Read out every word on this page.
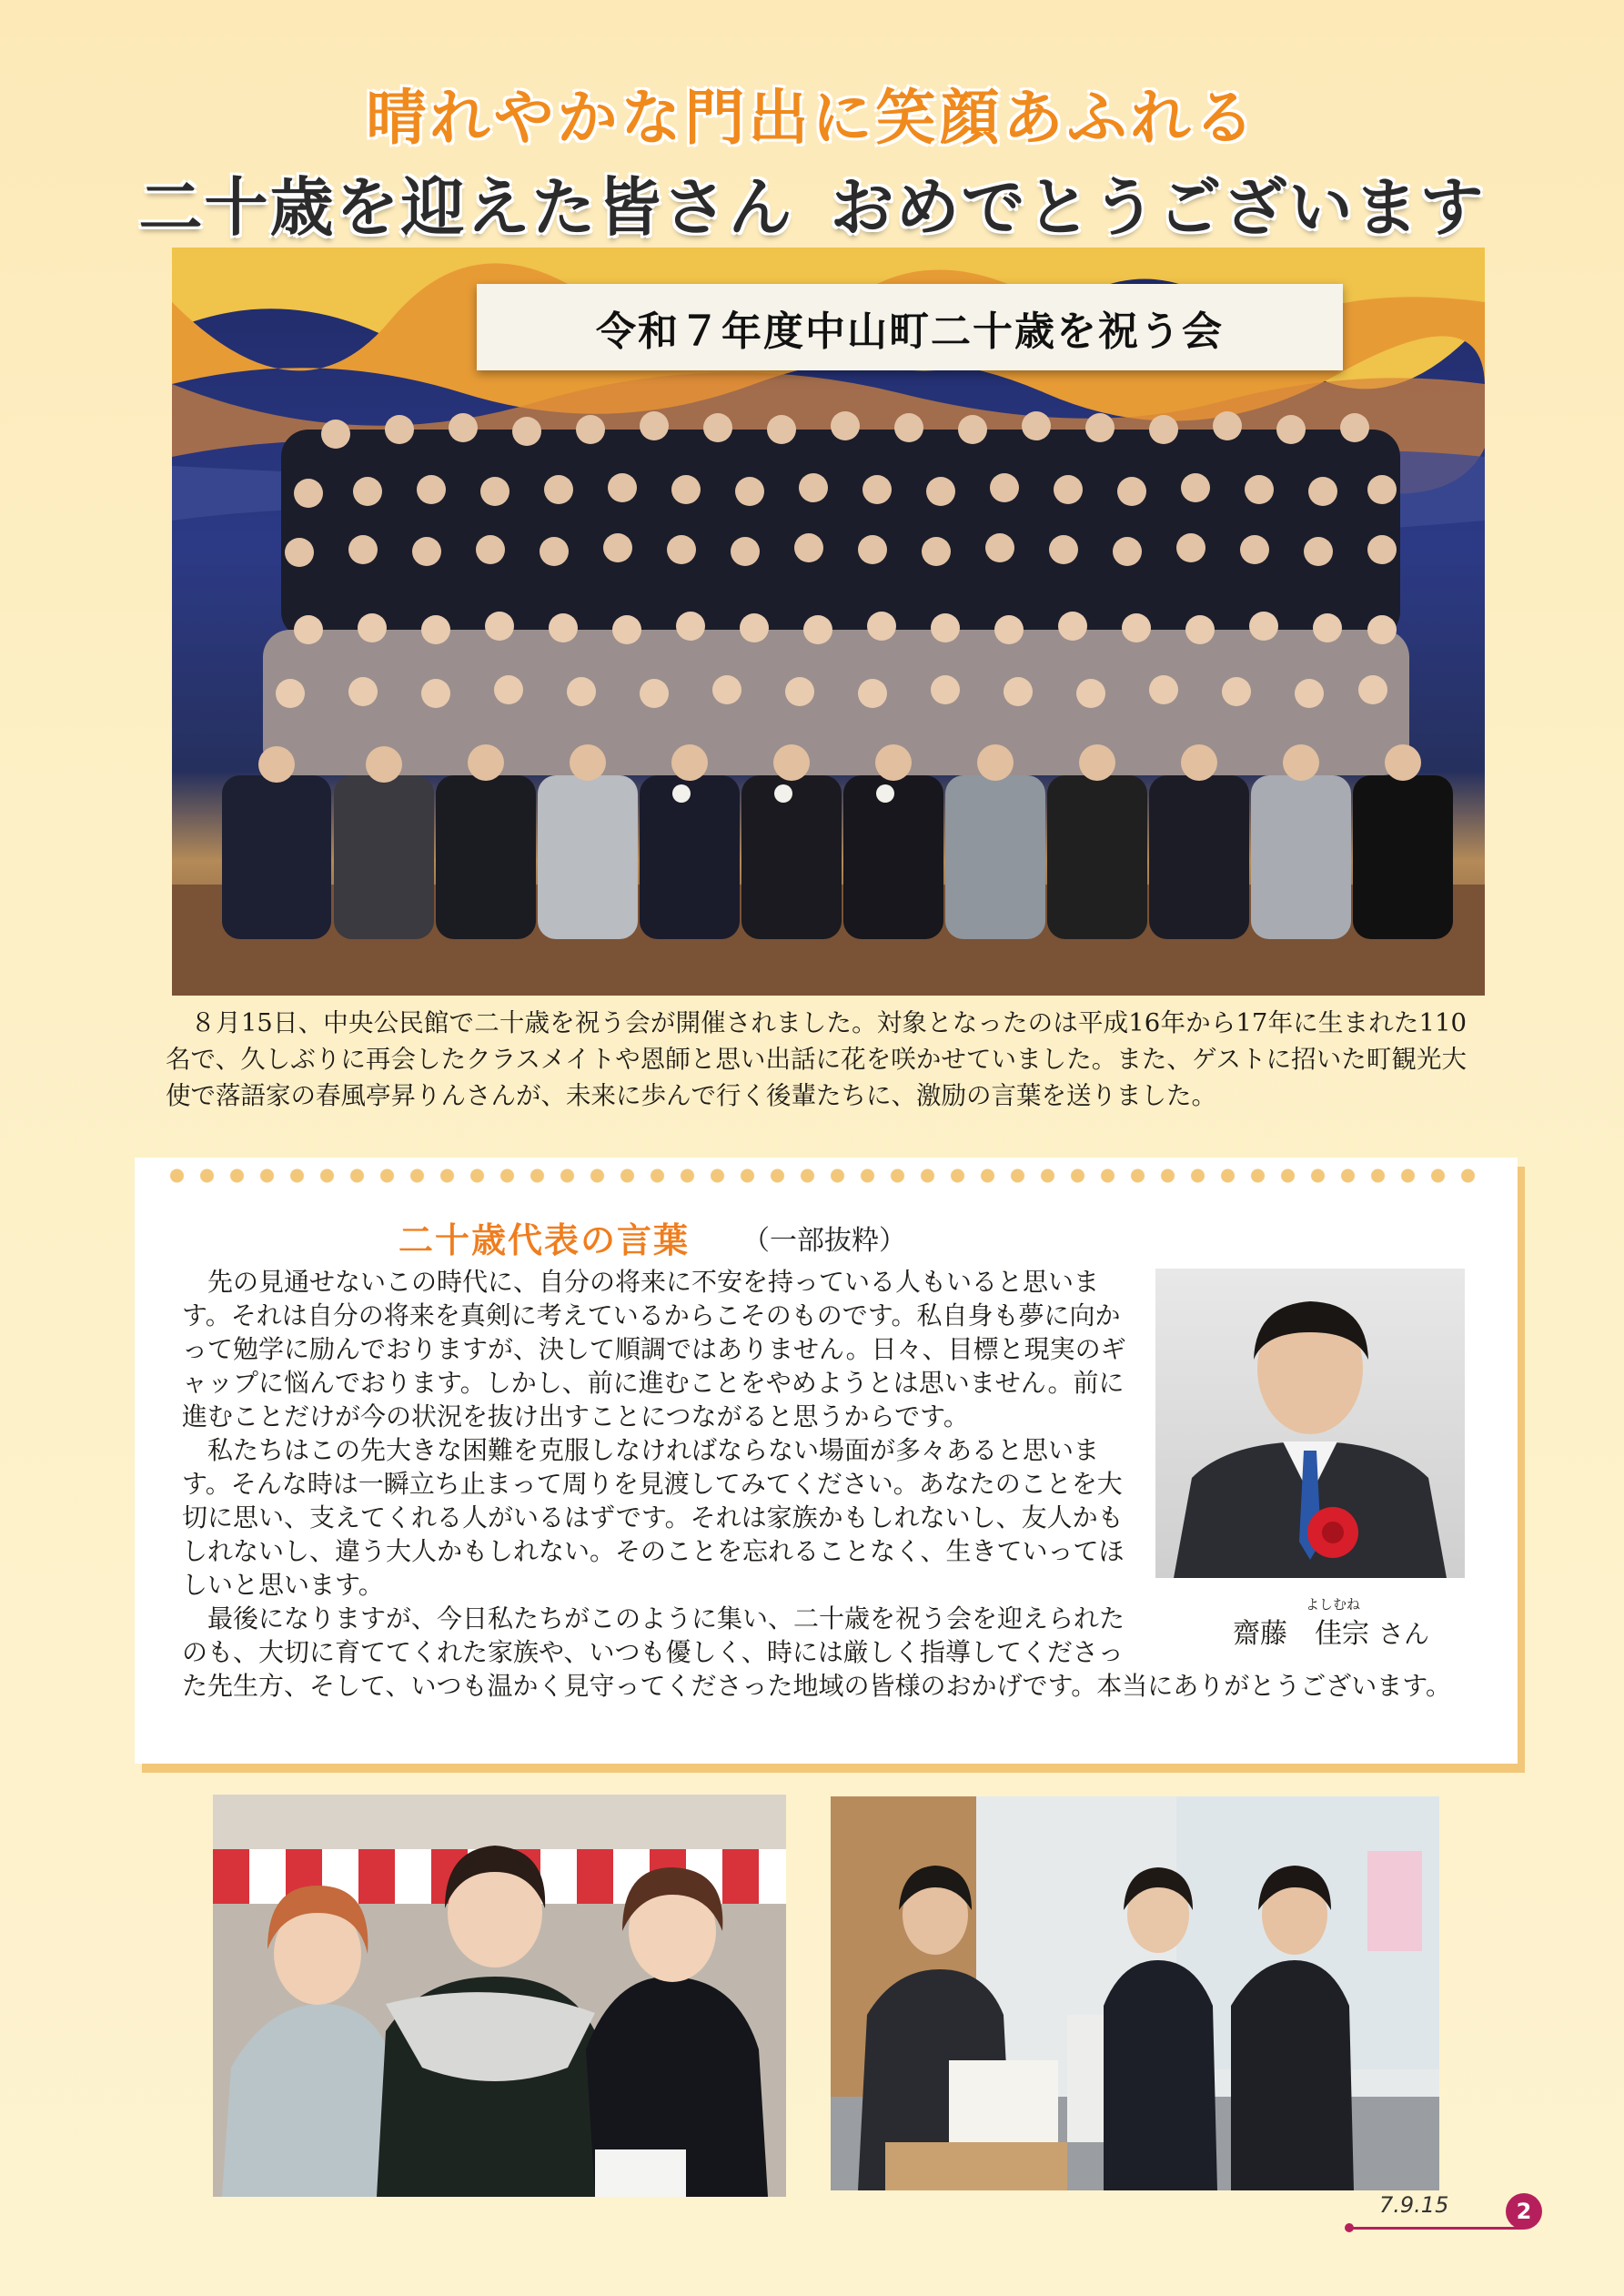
晴れやかな門出に笑顔あふれる
二十歳を迎えた皆さん おめでとうございます
令和７年度中山町二十歳を祝う会
８月15日、中央公民館で二十歳を祝う会が開催されました。対象となったのは平成16年から17年に生まれた110名で、久しぶりに再会したクラスメイトや恩師と思い出話に花を咲かせていました。また、ゲストに招いた町観光大使で落語家の春風亭昇りんさんが、未来に歩んで行く後輩たちに、激励の言葉を送りました。
二十歳代表の言葉 （一部抜粋）

先の見通せないこの時代に、自分の将来に不安を持っている人もいると思います。それは自分の将来を真剣に考えているからこそのものです。私自身も夢に向かって勉学に励んでおりますが、決して順調ではありません。日々、目標と現実のギャップに悩んでおります。しかし、前に進むことをやめようとは思いません。前に進むことだけが今の状況を抜け出すことにつながると思うからです。

私たちはこの先大きな困難を克服しなければならない場面が多々あると思います。そんな時は一瞬立ち止まって周りを見渡してみてください。あなたのことを大切に思い、支えてくれる人がいるはずです。それは家族かもしれないし、友人かもしれないし、違う大人かもしれない。そのことを忘れることなく、生きていってほしいと思います。

最後になりますが、今日私たちがこのように集い、二十歳を祝う会を迎えられたのも、大切に育ててくれた家族や、いつも優しく、時には厳しく指導してくださった先生方、そして、いつも温かく見守ってくださった地域の皆様のおかげです。本当にありがとうございます。

よしむね
齋藤 佳宗 さん
7.9.15	2
